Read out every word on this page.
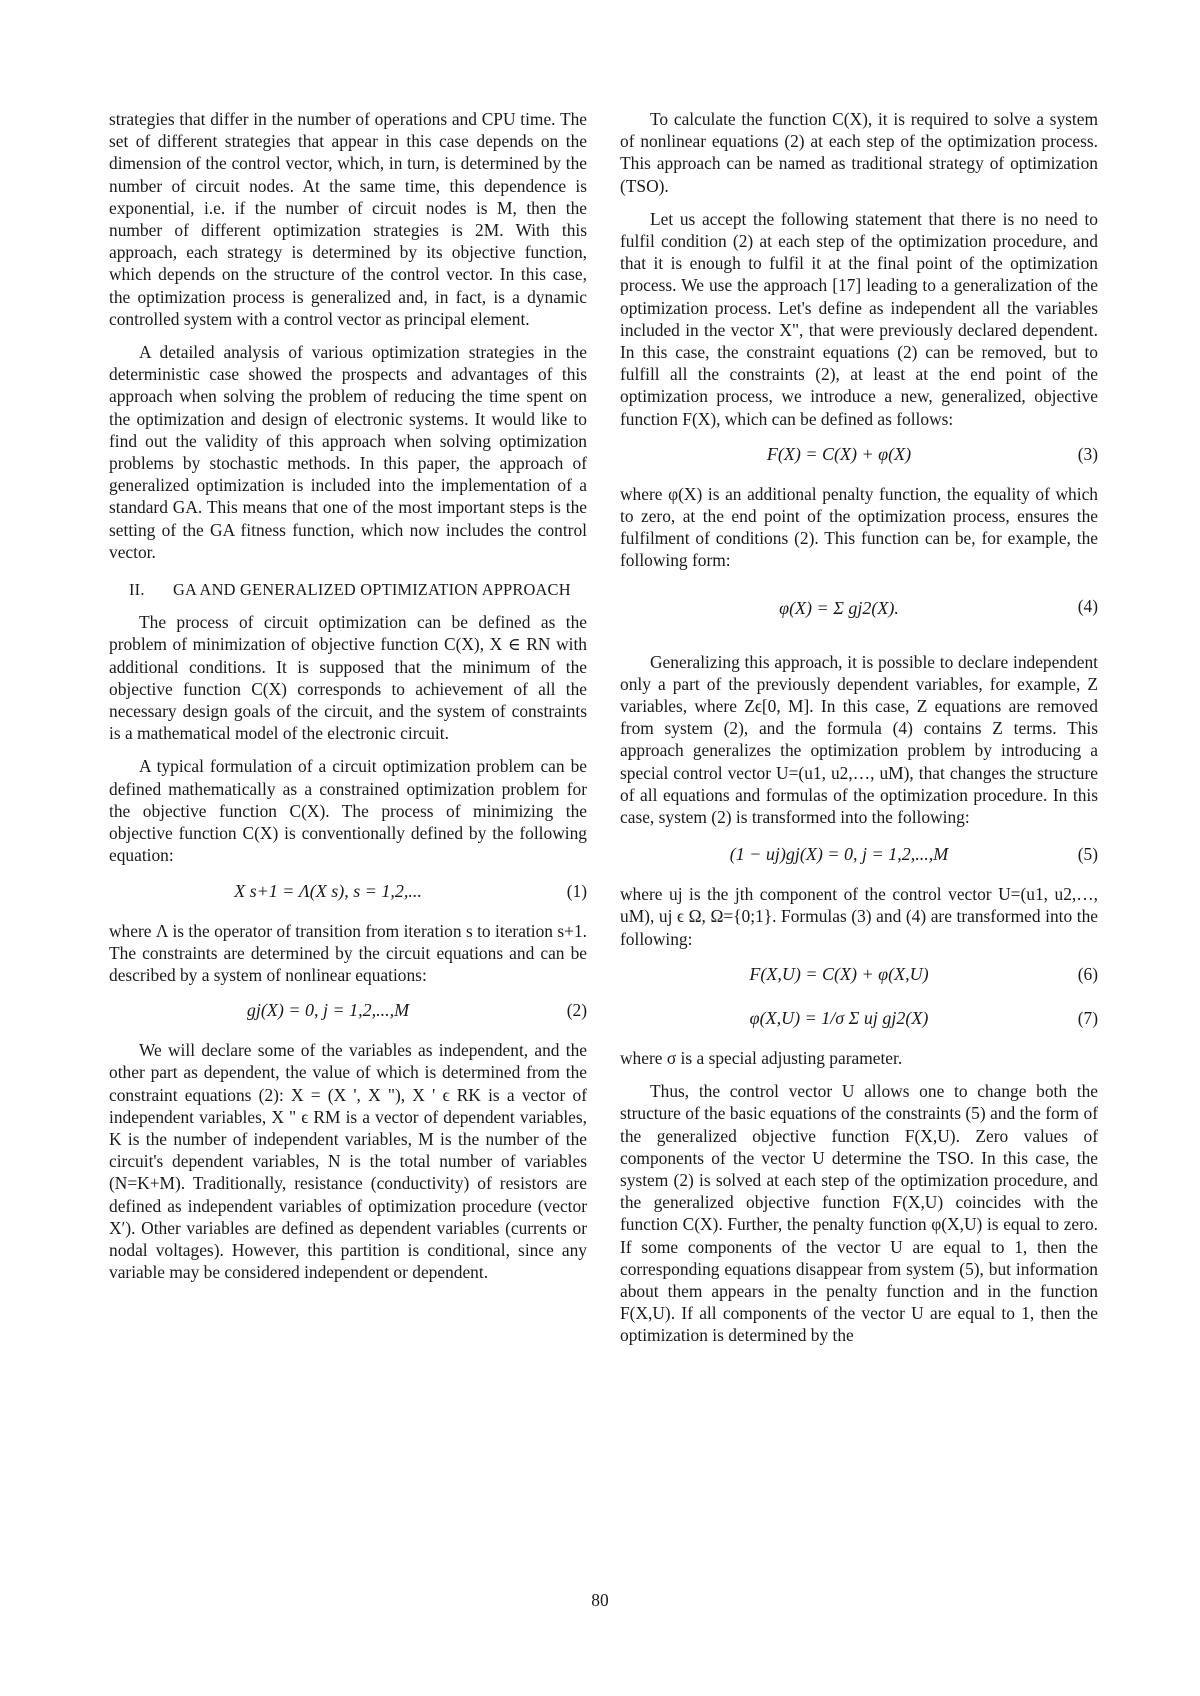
strategies that differ in the number of operations and CPU time. The set of different strategies that appear in this case depends on the dimension of the control vector, which, in turn, is determined by the number of circuit nodes. At the same time, this dependence is exponential, i.e. if the number of circuit nodes is M, then the number of different optimization strategies is 2M. With this approach, each strategy is determined by its objective function, which depends on the structure of the control vector. In this case, the optimization process is generalized and, in fact, is a dynamic controlled system with a control vector as principal element.

A detailed analysis of various optimization strategies in the deterministic case showed the prospects and advantages of this approach when solving the problem of reducing the time spent on the optimization and design of electronic systems. It would like to find out the validity of this approach when solving optimization problems by stochastic methods. In this paper, the approach of generalized optimization is included into the implementation of a standard GA. This means that one of the most important steps is the setting of the GA fitness function, which now includes the control vector.

II. GA AND GENERALIZED OPTIMIZATION APPROACH

The process of circuit optimization can be defined as the problem of minimization of objective function C(X), X ∈ RN with additional conditions. It is supposed that the minimum of the objective function C(X) corresponds to achievement of all the necessary design goals of the circuit, and the system of constraints is a mathematical model of the electronic circuit.

A typical formulation of a circuit optimization problem can be defined mathematically as a constrained optimization problem for the objective function C(X). The process of minimizing the objective function C(X) is conventionally defined by the following equation:

X s+1 = Λ(X s), s = 1,2,...	(1)

where Λ is the operator of transition from iteration s to iteration s+1. The constraints are determined by the circuit equations and can be described by a system of nonlinear equations:

gj(X) = 0, j = 1,2,...,M	(2)

We will declare some of the variables as independent, and the other part as dependent, the value of which is determined from the constraint equations (2): X = (X ', X "), X ' ϵ RK is a vector of independent variables, X " ϵ RM is a vector of dependent variables, K is the number of independent variables, M is the number of the circuit's dependent variables, N is the total number of variables (N=K+M). Traditionally, resistance (conductivity) of resistors are defined as independent variables of optimization procedure (vector X′). Other variables are defined as dependent variables (currents or nodal voltages). However, this partition is conditional, since any variable may be considered independent or dependent.

To calculate the function C(X), it is required to solve a system of nonlinear equations (2) at each step of the optimization process. This approach can be named as traditional strategy of optimization (TSO).

Let us accept the following statement that there is no need to fulfil condition (2) at each step of the optimization procedure, and that it is enough to fulfil it at the final point of the optimization process. We use the approach [17] leading to a generalization of the optimization process. Let's define as independent all the variables included in the vector X", that were previously declared dependent. In this case, the constraint equations (2) can be removed, but to fulfill all the constraints (2), at least at the end point of the optimization process, we introduce a new, generalized, objective function F(X), which can be defined as follows:

F(X) = C(X) + φ(X)	(3)

where φ(X) is an additional penalty function, the equality of which to zero, at the end point of the optimization process, ensures the fulfilment of conditions (2). This function can be, for example, the following form:

φ(X) = Σ gj2(X).	(4)

Generalizing this approach, it is possible to declare independent only a part of the previously dependent variables, for example, Z variables, where Zϵ[0, M]. In this case, Z equations are removed from system (2), and the formula (4) contains Z terms. This approach generalizes the optimization problem by introducing a special control vector U=(u1, u2,…, uM), that changes the structure of all equations and formulas of the optimization procedure. In this case, system (2) is transformed into the following:

(1 − uj)gj(X) = 0, j = 1,2,...,M	(5)

where uj is the jth component of the control vector U=(u1, u2,…, uM), uj ϵ Ω, Ω={0;1}. Formulas (3) and (4) are transformed into the following:

F(X,U) = C(X) + φ(X,U)	(6)
φ(X,U) = 1/σ Σ uj gj2(X)	(7)

where σ is a special adjusting parameter.

Thus, the control vector U allows one to change both the structure of the basic equations of the constraints (5) and the form of the generalized objective function F(X,U). Zero values of components of the vector U determine the TSO. In this case, the system (2) is solved at each step of the optimization procedure, and the generalized objective function F(X,U) coincides with the function C(X). Further, the penalty function φ(X,U) is equal to zero. If some components of the vector U are equal to 1, then the corresponding equations disappear from system (5), but information about them appears in the penalty function and in the function F(X,U). If all components of the vector U are equal to 1, then the optimization is determined by the

80
